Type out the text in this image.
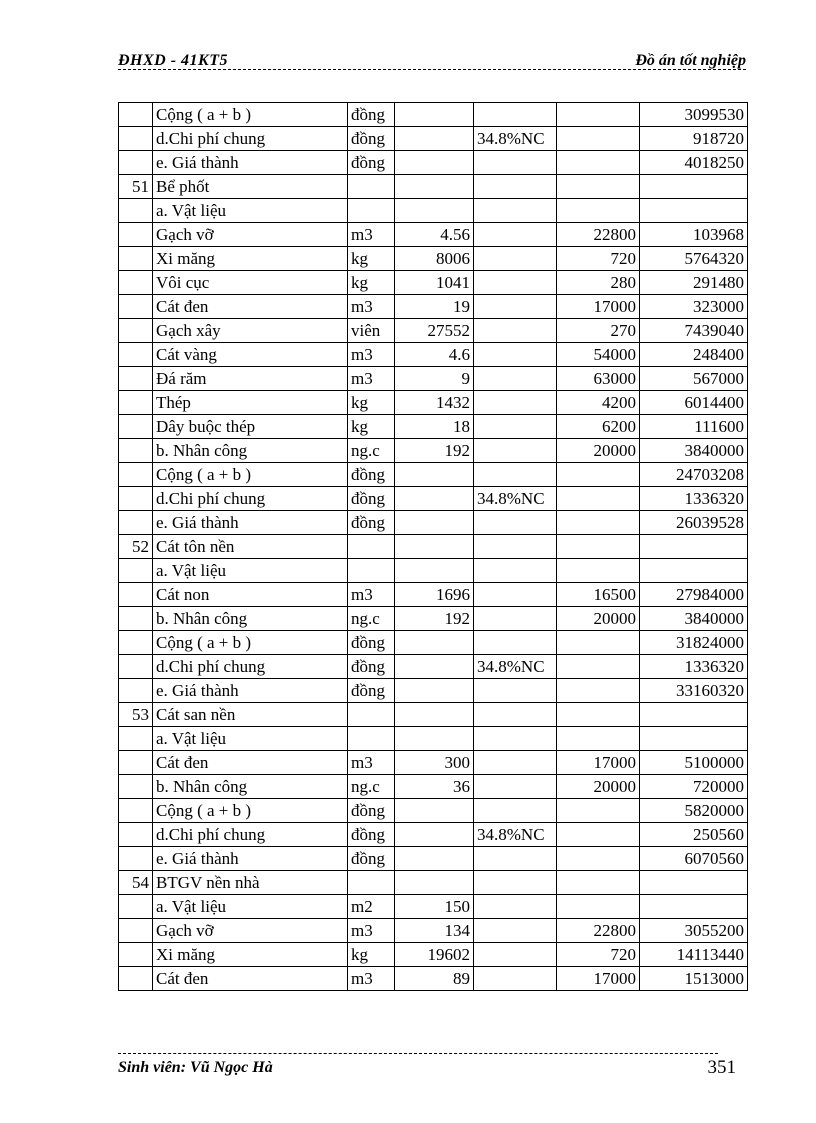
ĐHXD - 41KT5	Đồ án tốt nghiệp
	Cộng ( a + b )	đồng				3099530
	d.Chi phí chung	đồng		34.8%NC		918720
	e. Giá thành	đồng				4018250
51	Bể phốt					
	a. Vật liệu					
	Gạch vỡ	m3	4.56		22800	103968
	Xi măng	kg	8006		720	5764320
	Vôi cục	kg	1041		280	291480
	Cát đen	m3	19		17000	323000
	Gạch xây	viên	27552		270	7439040
	Cát vàng	m3	4.6		54000	248400
	Đá răm	m3	9		63000	567000
	Thép	kg	1432		4200	6014400
	Dây buộc thép	kg	18		6200	111600
	b. Nhân công	ng.c	192		20000	3840000
	Cộng ( a + b )	đồng				24703208
	d.Chi phí chung	đồng		34.8%NC		1336320
	e. Giá thành	đồng				26039528
52	Cát tôn nền					
	a. Vật liệu					
	Cát non	m3	1696		16500	27984000
	b. Nhân công	ng.c	192		20000	3840000
	Cộng ( a + b )	đồng				31824000
	d.Chi phí chung	đồng		34.8%NC		1336320
	e. Giá thành	đồng				33160320
53	Cát san nền					
	a. Vật liệu					
	Cát đen	m3	300		17000	5100000
	b. Nhân công	ng.c	36		20000	720000
	Cộng ( a + b )	đồng				5820000
	d.Chi phí chung	đồng		34.8%NC		250560
	e. Giá thành	đồng				6070560
54	BTGV nền nhà					
	a. Vật liệu	m2	150			
	Gạch vỡ	m3	134		22800	3055200
	Xi măng	kg	19602		720	14113440
	Cát đen	m3	89		17000	1513000
Sinh viên: Vũ Ngọc Hà	351
